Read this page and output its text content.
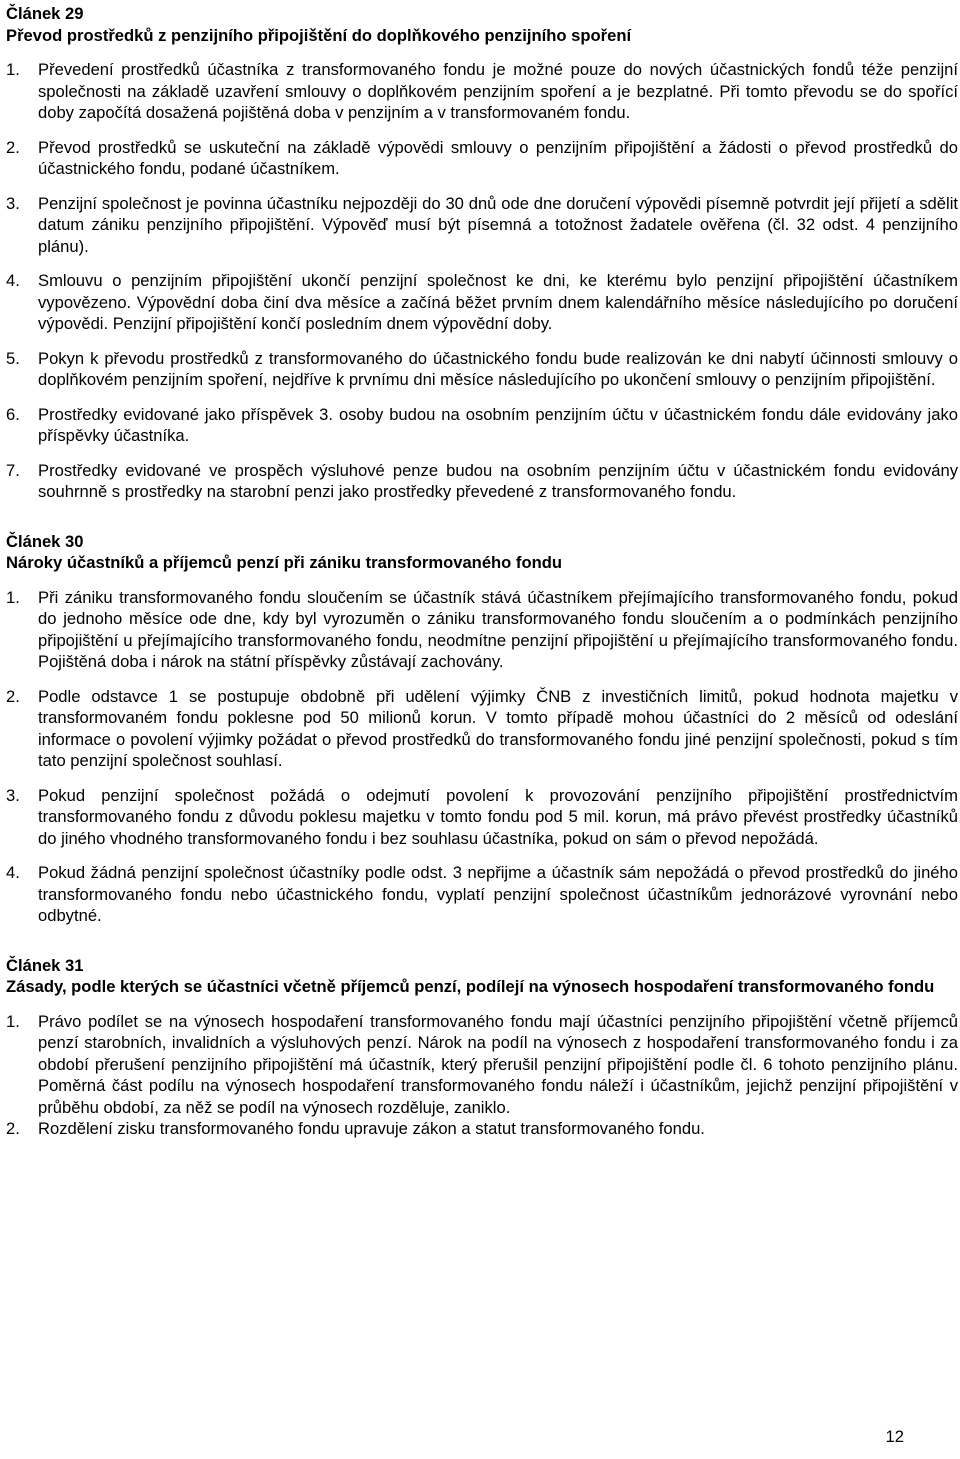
Článek 29

Převod prostředků z penzijního připojištění do doplňkového penzijního spoření

1.	Převedení prostředků účastníka z transformovaného fondu je možné pouze do nových účastnických fondů téže penzijní společnosti na základě uzavření smlouvy o doplňkovém penzijním spoření a je bezplatné. Při tomto převodu se do spořící doby započítá dosažená pojištěná doba v penzijním a v transformovaném fondu.
2.	Převod prostředků se uskuteční na základě výpovědi smlouvy o penzijním připojištění a žádosti o převod prostředků do účastnického fondu, podané účastníkem.
3.	Penzijní společnost je povinna účastníku nejpozději do 30 dnů ode dne doručení výpovědi písemně potvrdit její přijetí a sdělit datum zániku penzijního připojištění. Výpověď musí být písemná a totožnost žadatele ověřena (čl. 32 odst. 4 penzijního plánu).
4.	Smlouvu o penzijním připojištění ukončí penzijní společnost ke dni, ke kterému bylo penzijní připojištění účastníkem vypovězeno. Výpovědní doba činí dva měsíce a začíná běžet prvním dnem kalendářního měsíce následujícího po doručení výpovědi. Penzijní připojištění končí posledním dnem výpovědní doby.
5.	Pokyn k převodu prostředků z transformovaného do účastnického fondu bude realizován ke dni nabytí účinnosti smlouvy o doplňkovém penzijním spoření, nejdříve k prvnímu dni měsíce následujícího po ukončení smlouvy o penzijním připojištění.
6.	Prostředky evidované jako příspěvek 3. osoby budou na osobním penzijním účtu v účastnickém fondu dále evidovány jako příspěvky účastníka.
7.	Prostředky evidované ve prospěch výsluhové penze budou na osobním penzijním účtu v účastnickém fondu evidovány souhrnně s prostředky na starobní penzi jako prostředky převedené z transformovaného fondu.

Článek 30

Nároky účastníků a příjemců penzí při zániku transformovaného fondu

1.	Při zániku transformovaného fondu sloučením se účastník stává účastníkem přejímajícího transformovaného fondu, pokud do jednoho měsíce ode dne, kdy byl vyrozuměn o zániku transformovaného fondu sloučením a o podmínkách penzijního připojištění u přejímajícího transformovaného fondu, neodmítne penzijní připojištění u přejímajícího transformovaného fondu. Pojištěná doba i nárok na státní příspěvky zůstávají zachovány.
2.	Podle odstavce 1 se postupuje obdobně při udělení výjimky ČNB z investičních limitů, pokud hodnota majetku v transformovaném fondu poklesne pod 50 milionů korun. V tomto případě mohou účastníci do 2 měsíců od odeslání informace o povolení výjimky požádat o převod prostředků do transformovaného fondu jiné penzijní společnosti, pokud s tím tato penzijní společnost souhlasí.
3.	Pokud penzijní společnost požádá o odejmutí povolení k provozování penzijního připojištění prostřednictvím transformovaného fondu z důvodu poklesu majetku v tomto fondu pod 5 mil. korun, má právo převést prostředky účastníků do jiného vhodného transformovaného fondu i bez souhlasu účastníka, pokud on sám o převod nepožádá.
4.	Pokud žádná penzijní společnost účastníky podle odst. 3 nepřijme a účastník sám nepožádá o převod prostředků do jiného transformovaného fondu nebo účastnického fondu, vyplatí penzijní společnost účastníkům jednorázové vyrovnání nebo odbytné.

Článek 31

Zásady, podle kterých se účastníci včetně příjemců penzí, podílejí na výnosech hospodaření transformovaného fondu

1.	Právo podílet se na výnosech hospodaření transformovaného fondu mají účastníci penzijního připojištění včetně příjemců penzí starobních, invalidních a výsluhových penzí. Nárok na podíl na výnosech z hospodaření transformovaného fondu i za období přerušení penzijního připojištění má účastník, který přerušil penzijní připojištění podle čl. 6 tohoto penzijního plánu. Poměrná část podílu na výnosech hospodaření transformovaného fondu náleží i účastníkům, jejichž penzijní připojištění v průběhu období, za něž se podíl na výnosech rozděluje, zaniklo.
2.	Rozdělení zisku transformovaného fondu upravuje zákon a statut transformovaného fondu.
12
